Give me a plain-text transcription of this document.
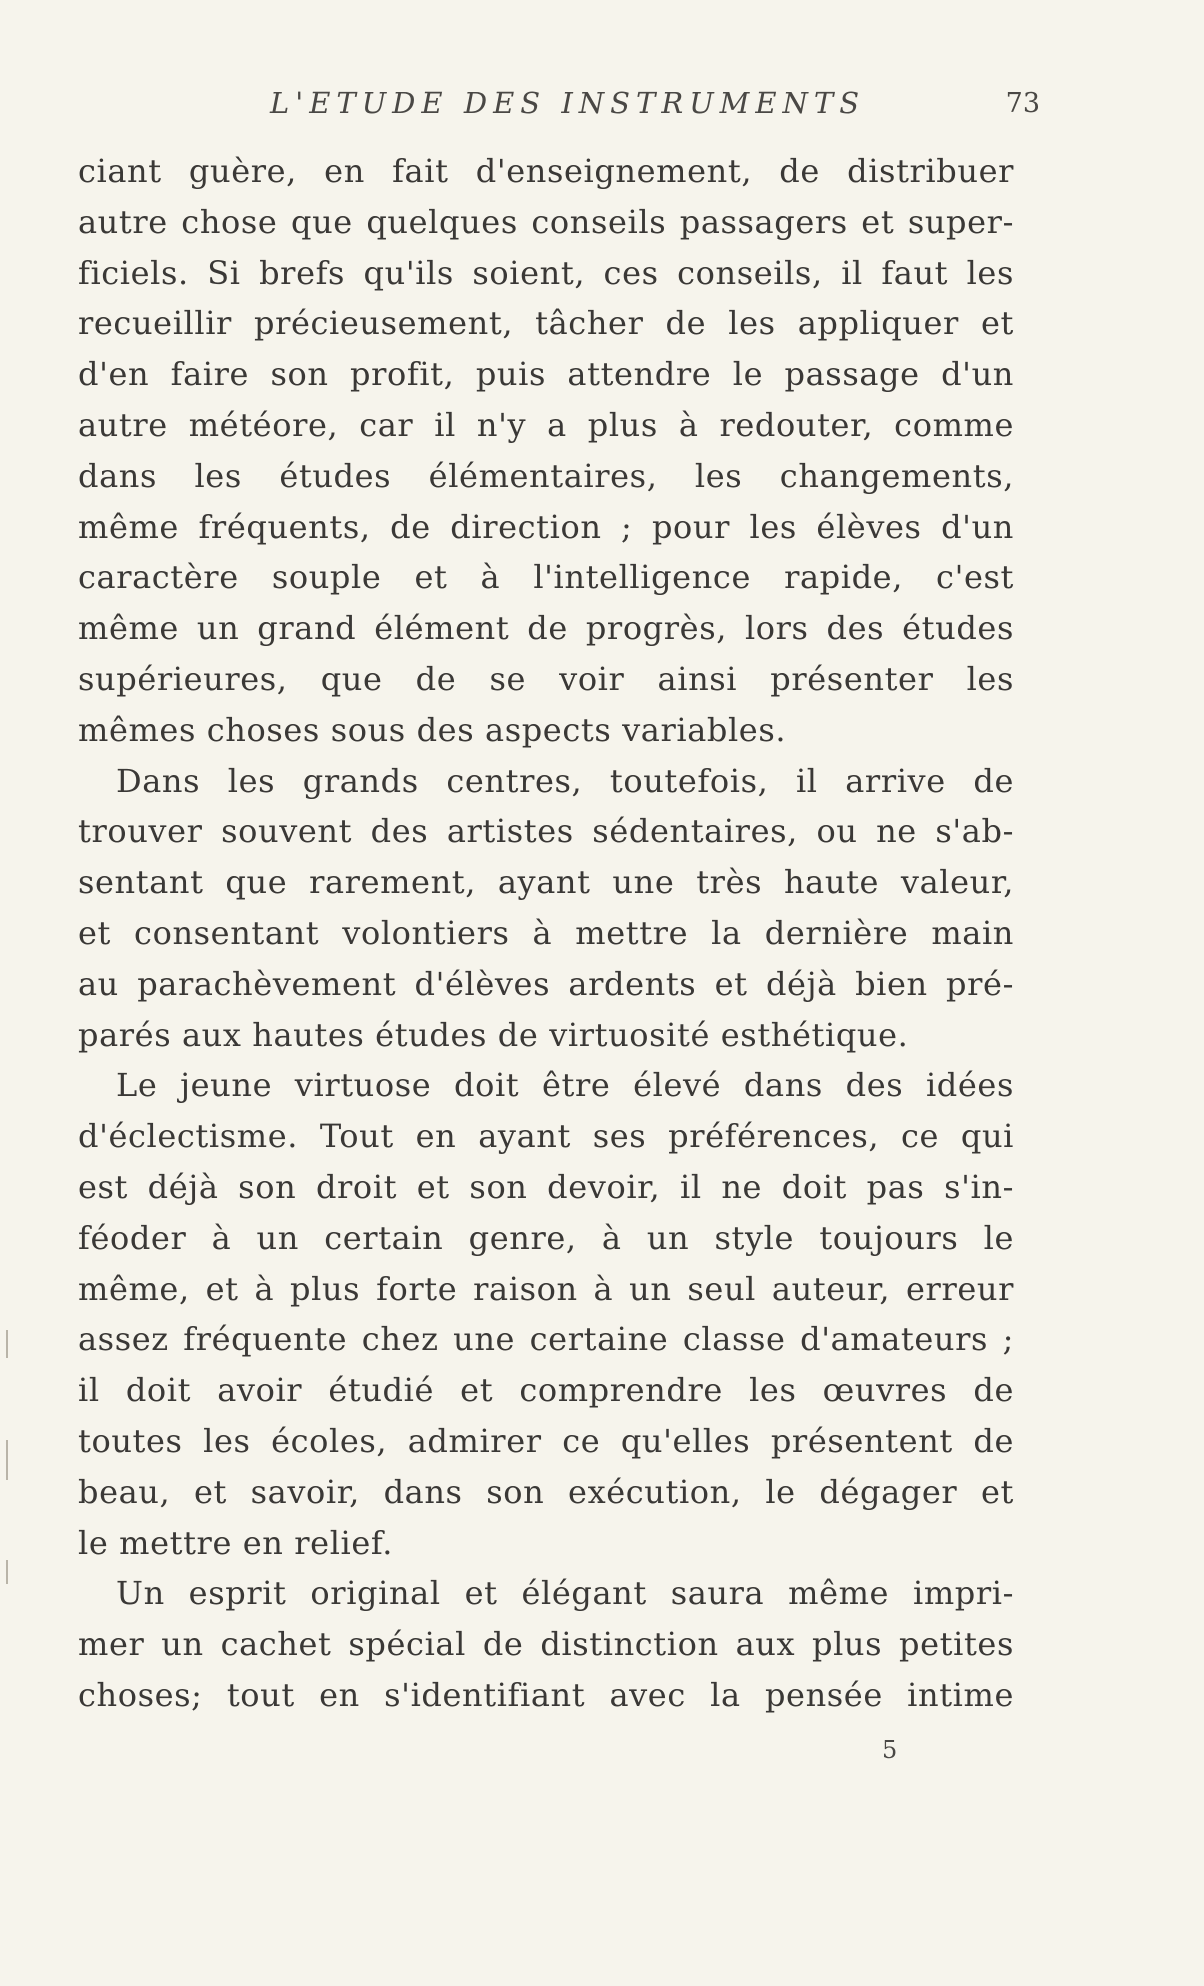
L'ETUDE DES INSTRUMENTS	73
ciant guère, en fait d'enseignement, de distribuer
autre chose que quelques conseils passagers et super-
ficiels. Si brefs qu'ils soient, ces conseils, il faut les
recueillir précieusement, tâcher de les appliquer et
d'en faire son profit, puis attendre le passage d'un
autre météore, car il n'y a plus à redouter, comme
dans les études élémentaires, les changements,
même fréquents, de direction ; pour les élèves d'un
caractère souple et à l'intelligence rapide, c'est
même un grand élément de progrès, lors des études
supérieures, que de se voir ainsi présenter les
mêmes choses sous des aspects variables.
Dans les grands centres, toutefois, il arrive de
trouver souvent des artistes sédentaires, ou ne s'ab-
sentant que rarement, ayant une très haute valeur,
et consentant volontiers à mettre la dernière main
au parachèvement d'élèves ardents et déjà bien pré-
parés aux hautes études de virtuosité esthétique.
Le jeune virtuose doit être élevé dans des idées
d'éclectisme. Tout en ayant ses préférences, ce qui
est déjà son droit et son devoir, il ne doit pas s'in-
féoder à un certain genre, à un style toujours le
même, et à plus forte raison à un seul auteur, erreur
assez fréquente chez une certaine classe d'amateurs ;
il doit avoir étudié et comprendre les œuvres de
toutes les écoles, admirer ce qu'elles présentent de
beau, et savoir, dans son exécution, le dégager et
le mettre en relief.
Un esprit original et élégant saura même impri-
mer un cachet spécial de distinction aux plus petites
choses; tout en s'identifiant avec la pensée intime
5
